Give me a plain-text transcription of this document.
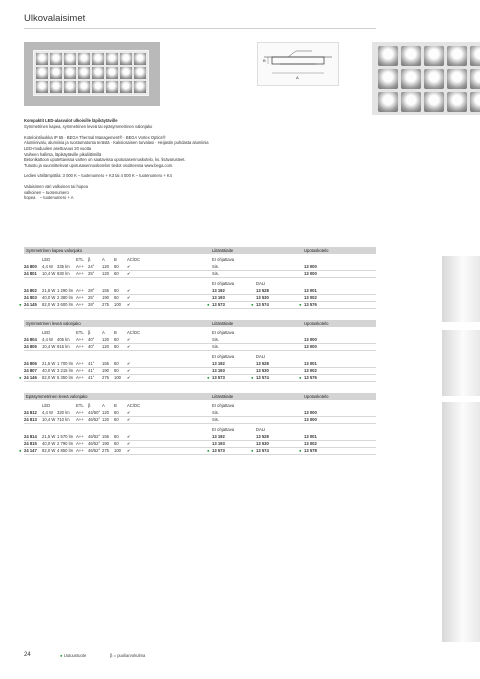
Ulkovalaisimet
A
B

Kompaktit LED-alasvalot ulkoisille läpikäytäville

Symmetrinen kapea, symmetrinen leveä tai epäsymmetrinen valonjako

Kotelointiluokka IP 65 · BEGA Thermal Management® · BEGA Vortex Optics®

Alumiinivalu, alumiinia ja ruostumatonta terästä · Kaksiosainen turvalasi · Heijastin puhdasta alumiinia

LED-moduulien asettuvuus 20 vuotta

Vaiheen hallinta, läpikäytäville pikaliittimillä

Betonikattoon upotettavissa varten on saatavissa upotusasennuskotelo, ks. lisävarusteet.

Tutustu ja suunnittelevat upotusasennuskotelon tiedot osoitteessa www.bega.com.

Ledien värilämpötila: 3 000 K – tuotenumero + K3 tai 4 000 K – tuotenumero + K4

Valaisimen väri valkoinen tai hopea

valkoinen – tuotenumero

hopea    – tuotenumero + A

Symmetrinen kapea valonjako	Liitäntälaite	Upotuskotelo
LED	ETL β	A B AC/DC	EI ohjattava
24 800 4,4 W 335 lm A++ 24° 120 60 ✔	Sis.	13 000
24 801 10,4 W 830 lm A++ 25° 120 60 ✔	Sis.	13 000
EI ohjattava	DALI
24 802 21,5 W 1 290 lm A++ 28° 155 60 ✔	13 192	13 528	13 001
24 803 40,0 W 2 380 lm A++ 25° 190 60 ✔	13 193	13 530	13 002
● 24 145 82,0 W 3 600 lm A++ 28° 275 100 ✔	● 13 573	● 13 574	● 13 576
Symmetrinen leveä valonjako	Liitäntälaite	Upotuskotelo
LED	ETL β	A B AC/DC	EI ohjattava
24 804 4,4 W 405 lm A++ 40° 120 60 ✔	Sis.	13 000
24 805 10,4 W 915 lm A++ 40° 120 60 ✔	Sis.	13 000
EI ohjattava	DALI
24 806 21,5 W 1 700 lm A++ 41° 155 60 ✔	13 192	13 528	13 001
24 807 40,0 W 3 215 lm A++ 41° 190 60 ✔	13 193	13 530	13 002
● 24 146 82,0 W 5 350 lm A++ 41° 275 100 ✔	● 13 573	● 13 574	● 13 576
Epäsymmetrinen leveä valonjako	Liitäntälaite	Upotuskotelo
LED	ETL β	A B AC/DC	EI ohjattava
24 812 4,4 W 320 lm A++ 44/50° 120 60 ✔	Sis.	13 000
24 813 10,4 W 710 lm A++ 46/52° 120 60 ✔	Sis.	13 000
EI ohjattava	DALI
24 814 21,5 W 1 570 lm A++ 46/52° 155 60 ✔	13 192	13 528	13 001
24 815 40,0 W 2 790 lm A++ 46/52° 190 60 ✔	13 193	13 530	13 002
● 24 147 82,0 W 4 850 lm A++ 46/52° 275 100 ✔	● 13 573	● 13 574	● 13 578
24	● Uutuustuote	β = puoliarvokulma
